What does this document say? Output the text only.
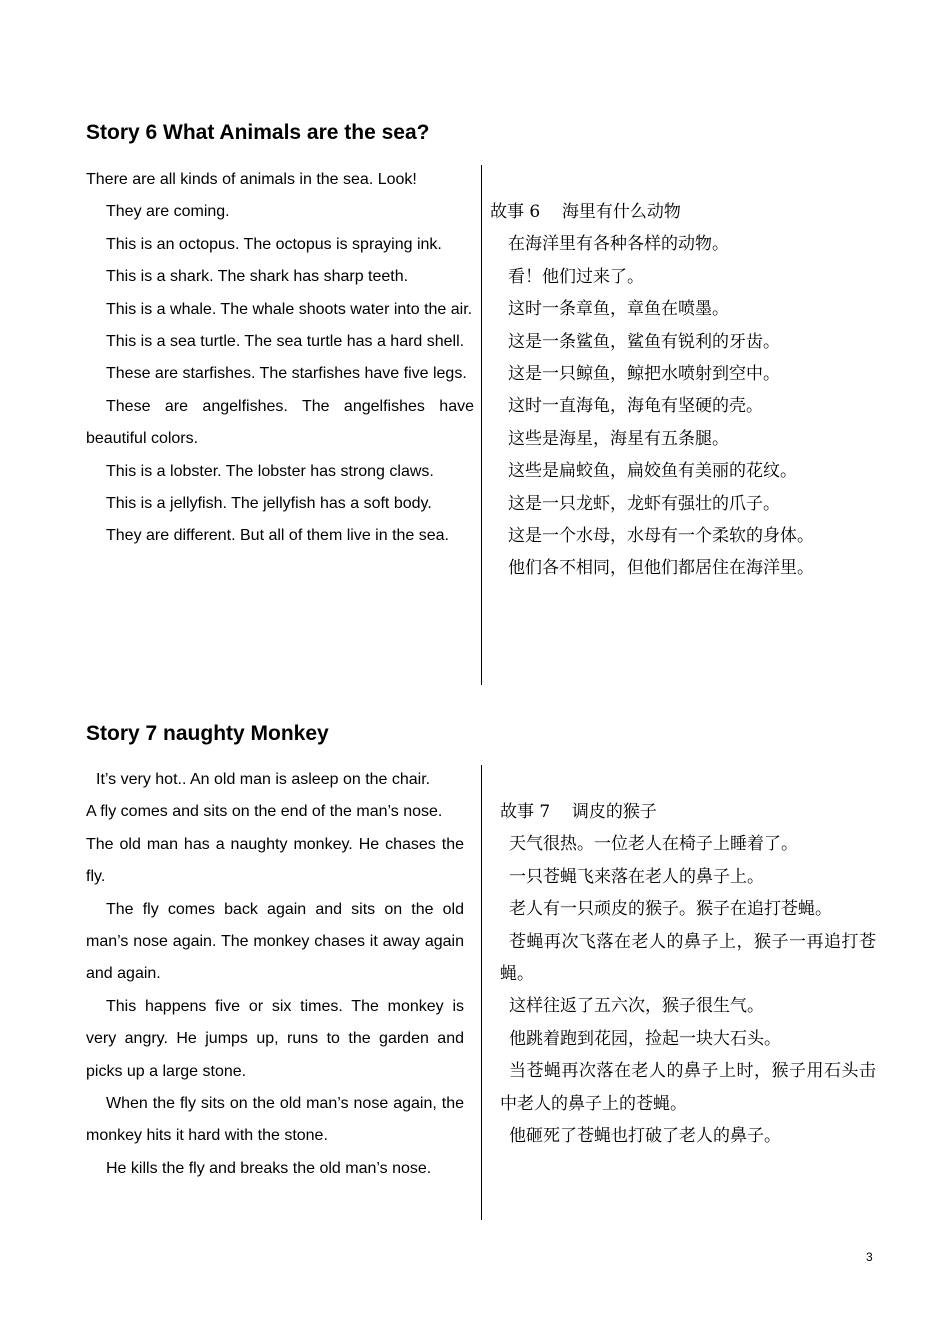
Story 6 What Animals are the sea?

There are all kinds of animals in the sea. Look!

They are coming.

This is an octopus. The octopus is spraying ink.

This is a shark. The shark has sharp teeth.

This is a whale. The whale shoots water into the air.

This is a sea turtle. The sea turtle has a hard shell.

These are starfishes. The starfishes have five legs.

These are angelfishes. The angelfishes have beautiful colors.

This is a lobster. The lobster has strong claws.

This is a jellyfish. The jellyfish has a soft body.

They are different. But all of them live in the sea.

故事 6    海里有什么动物

在海洋里有各种各样的动物。

看！他们过来了。

这时一条章鱼，章鱼在喷墨。

这是一条鲨鱼，鲨鱼有锐利的牙齿。

这是一只鲸鱼，鲸把水喷射到空中。

这时一直海龟，海龟有坚硬的壳。

这些是海星，海星有五条腿。

这些是扁蛟鱼，扁姣鱼有美丽的花纹。

这是一只龙虾，龙虾有强壮的爪子。

这是一个水母，水母有一个柔软的身体。

他们各不相同，但他们都居住在海洋里。

Story 7 naughty Monkey

It’s very hot.. An old man is asleep on the chair.

A fly comes and sits on the end of the man’s nose.

The old man has a naughty monkey. He chases the fly.

The fly comes back again and sits on the old man’s nose again. The monkey chases it away again and again.

This happens five or six times. The monkey is very angry. He jumps up, runs to the garden and picks up a large stone.

When the fly sits on the old man’s nose again, the monkey hits it hard with the stone.

He kills the fly and breaks the old man’s nose.

故事 7    调皮的猴子

天气很热。一位老人在椅子上睡着了。

一只苍蝇飞来落在老人的鼻子上。

老人有一只顽皮的猴子。猴子在追打苍蝇。

苍蝇再次飞落在老人的鼻子上，猴子一再追打苍蝇。

这样往返了五六次，猴子很生气。

他跳着跑到花园，捡起一块大石头。

当苍蝇再次落在老人的鼻子上时，猴子用石头击中老人的鼻子上的苍蝇。

他砸死了苍蝇也打破了老人的鼻子。

3
